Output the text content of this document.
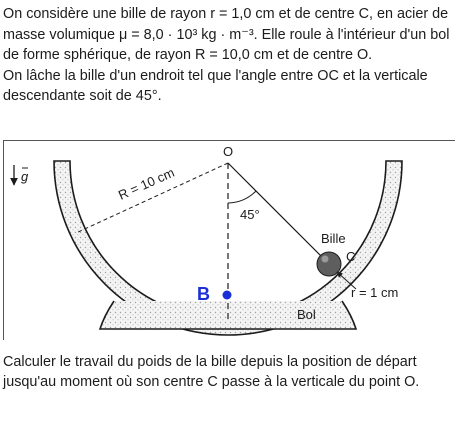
On considère une bille de rayon r = 1,0 cm et de centre C, en acier de masse volumique μ = 8,0 · 10³ kg · m⁻³. Elle roule à l'intérieur d'un bol de forme sphérique, de rayon R = 10,0 cm et de centre O.

On lâche la bille d'un endroit tel que l'angle entre OC et la verticale descendante soit de 45°.

O
g	R = 10 cm
45°
Bille
C
r = 1 cm
Bol
B

Calculer le travail du poids de la bille depuis la position de départ jusqu'au moment où son centre C passe à la verticale du point O.
